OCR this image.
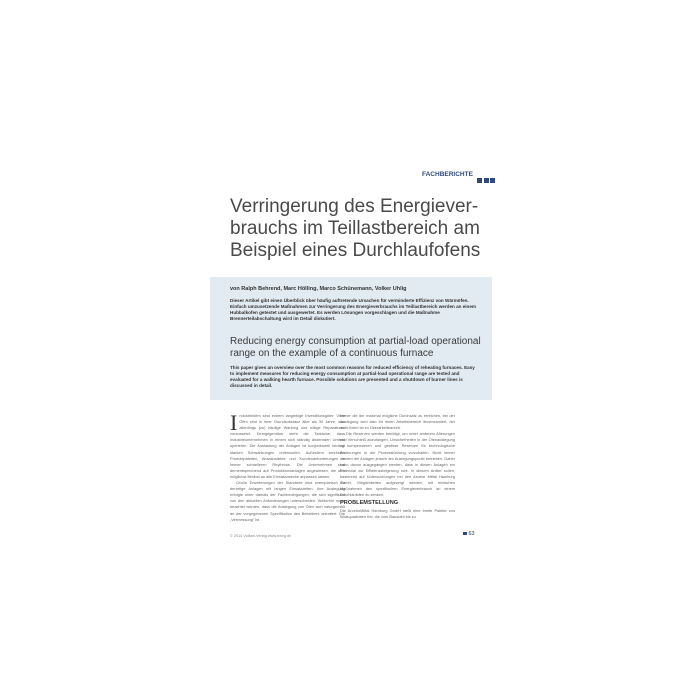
FACHBERICHTE
Verringerung des Energiever-brauchs im Teillastbereich am Beispiel eines Durchlaufofens
von Ralph Behrend, Marc Hölling, Marco Schünemann, Volker Uhlig

Dieser Artikel gibt einen Überblick über häufig auftretende Ursachen für verminderte Effizienz von Wärmöfen. Einfach umzusetzende Maßnahmen zur Verringerung des Energieverbrauchs im Teillastbereich werden an einem Hubbalkofen getestet und ausgewertet. Es werden Lösungen vorgeschlagen und die Maßnahme Brennerteilabschaltung wird im Detail diskutiert.

Reducing energy consumption at partial-load operational range on the example of a continuous furnace

This paper gives an overview over the most common reasons for reduced efficiency of reheating furnaces. Easy to implement measures for reducing energy consumption at partial-load operational range are tested and evaluated for a walking hearth furnace. Possible solutions are presented and a shutdown of burner lines is discussed in detail.

Industrieöfen sind extrem langlebige Investitionsgüter. Viele Öfen sind in ihrer Grundsubstanz älter als 30 Jahre, was allerdings (zu) häufige Wartung und nötige Reparaturen voraussetzt. Demgegenüber steht die Tatsache, dass Industrieunternehmen in einem sich ständig ändernden Umfeld operieren. Die Auslastung der Anlagen ist konjunkturell bedingt starken Schwankungen unterworfen. Außerdem wechseln Produktpaletten, Absatzmärkte und Kundenanforderungen in immer schnelleren Rhythmus. Die Unternehmen sind dementsprechend auf Produktionsanlagen angewiesen, die sich möglichst flexibel an alle Einsatzzwecke anpassen lassen.

Große Erweiterungen der Standorte sind exemplarisch für derartige Anlagen mit langen Einsatzzeiten. Ihre Auslegung erfolgte unter damals der Fachbedingungen, die sich signifikant von den aktuellen Anforderungen unterscheiden. Weiterhin muss beachtet werden, dass die Auslegung von Öfen sich naturgemäß an der vorgegebenen Spezifikation des Betreibers orientiert. Die „Vermessung" ist

immer die der maximal mögliche Durchsatz zu erreichen, bei der Auslegung wird also für einen Arbeitsbereich dimensioniert, der nicht fixiert ist im Überarbeitbarkeit.

Die Reserven werden benötigt, um unter anderem Alterungen und Verschleiß abzufangen, Unsicherheiten in der Ofenauslegung zu kompensieren und gewisse Reserven für technologische Änderungen in der Prozessführung vorzuhalten. Nicht immer werden die Anlagen jedoch am Auslegungspunkt betrieben. Daher kann davon ausgegangen werden, dass in diesen Anlagen ein Potenzial zur Effizienzsteigerung ruht. In diesem Artikel sollen, basierend auf Untersuchungen bei den Arcelor Mittal Hamburg GmbH, Möglichkeiten aufgezeigt werden, mit einfachen Maßnahmen den spezifischen Energieverbrauch an einem Durchlaufofen zu senken.

PROBLEMSTELLUNG

Die ArcelorMittal Hamburg GmbH stellt eine breite Palette von Walzquadraten frei, die vom Baustahl bis zu

© 2014 Vulkan-Verlag www.ewvg.de	63
